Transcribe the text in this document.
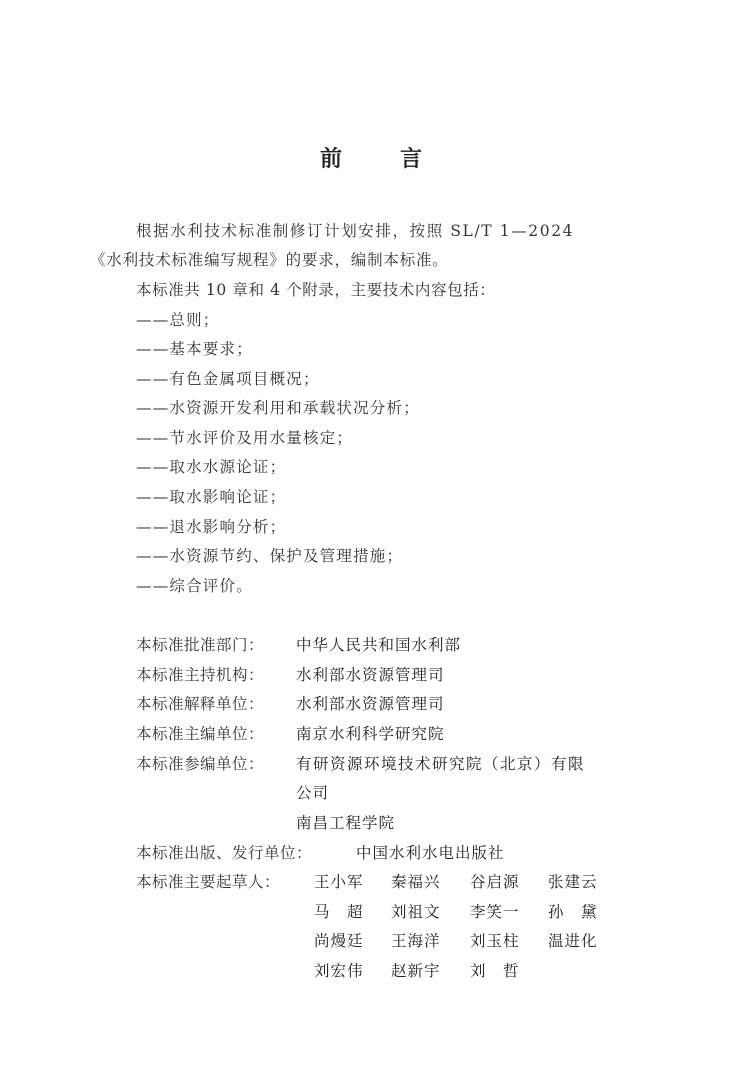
前	言
根据水利技术标准制修订计划安排，按照 SL/T 1—2024
《水利技术标准编写规程》的要求，编制本标准。
本标准共 10 章和 4 个附录，主要技术内容包括：
——总则；
——基本要求；
——有色金属项目概况；
——水资源开发利用和承载状况分析；
——节水评价及用水量核定；
——取水水源论证；
——取水影响论证；
——退水影响分析；
——水资源节约、保护及管理措施；
——综合评价。
本标准批准部门： 中华人民共和国水利部
本标准主持机构： 水利部水资源管理司
本标准解释单位： 水利部水资源管理司
本标准主编单位： 南京水利科学研究院
本标准参编单位： 有研资源环境技术研究院（北京）有限
公司
南昌工程学院
本标准出版、发行单位：	中国水利水电出版社
本标准主要起草人： 王小军 秦福兴 谷启源 张建云
马　超 刘祖文 李笑一 孙　黛
尚熳廷 王海洋 刘玉柱 温进化
刘宏伟 赵新宇 刘　哲
